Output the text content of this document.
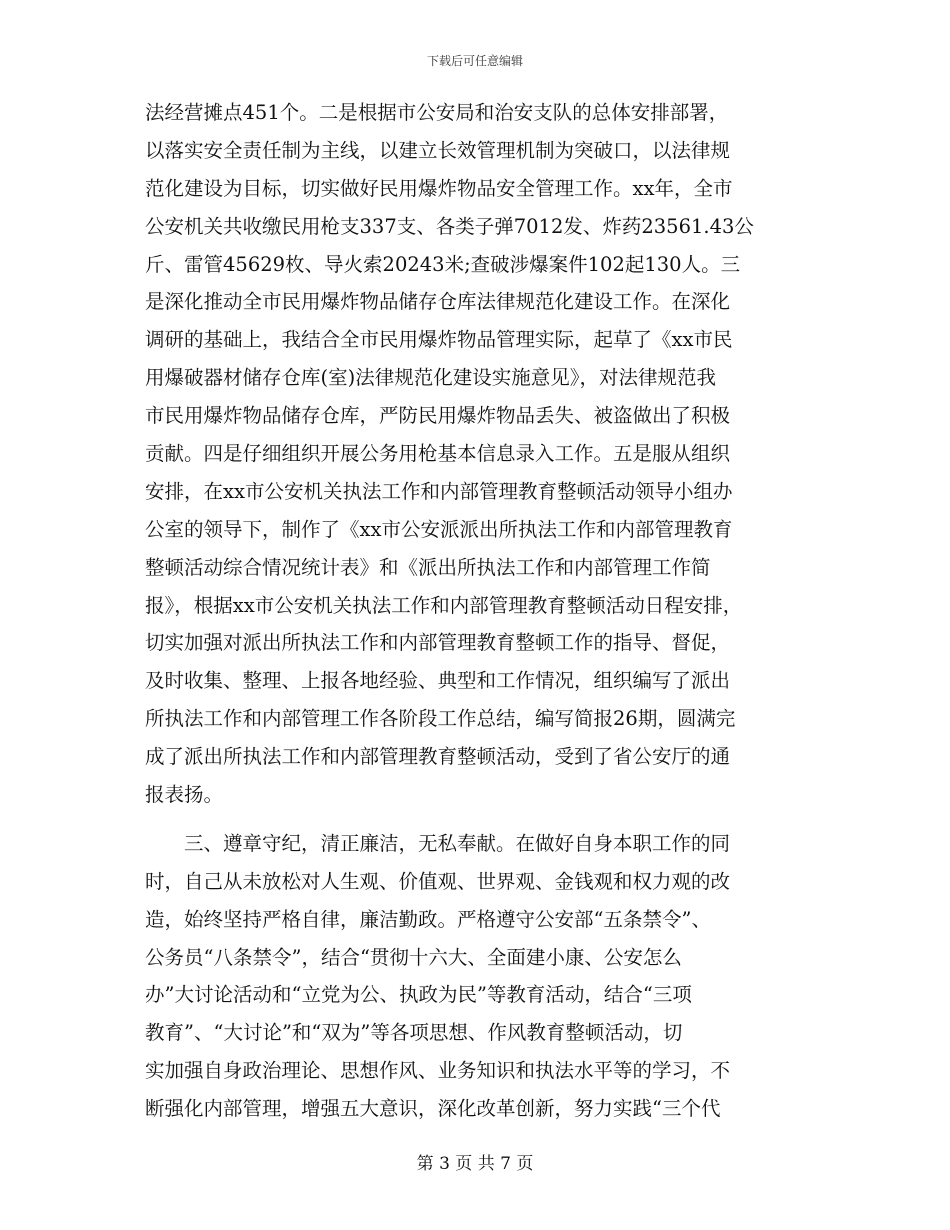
下载后可任意编辑
法经营摊点451个。二是根据市公安局和治安支队的总体安排部署，
以落实安全责任制为主线，以建立长效管理机制为突破口，以法律规
范化建设为目标，切实做好民用爆炸物品安全管理工作。xx年，全市
公安机关共收缴民用枪支337支、各类子弹7012发、炸药23561.43公
斤、雷管45629枚、导火索20243米;查破涉爆案件102起130人。三
是深化推动全市民用爆炸物品储存仓库法律规范化建设工作。在深化
调研的基础上，我结合全市民用爆炸物品管理实际，起草了《xx市民
用爆破器材储存仓库(室)法律规范化建设实施意见》，对法律规范我
市民用爆炸物品储存仓库，严防民用爆炸物品丢失、被盗做出了积极
贡献。四是仔细组织开展公务用枪基本信息录入工作。五是服从组织
安排，在xx市公安机关执法工作和内部管理教育整顿活动领导小组办
公室的领导下，制作了《xx市公安派派出所执法工作和内部管理教育
整顿活动综合情况统计表》和《派出所执法工作和内部管理工作简
报》，根据xx市公安机关执法工作和内部管理教育整顿活动日程安排，
切实加强对派出所执法工作和内部管理教育整顿工作的指导、督促，
及时收集、整理、上报各地经验、典型和工作情况，组织编写了派出
所执法工作和内部管理工作各阶段工作总结，编写简报26期，圆满完
成了派出所执法工作和内部管理教育整顿活动，受到了省公安厅的通
报表扬。
　　三、遵章守纪，清正廉洁，无私奉献。在做好自身本职工作的同
时，自己从未放松对人生观、价值观、世界观、金钱观和权力观的改
造，始终坚持严格自律，廉洁勤政。严格遵守公安部“五条禁令”、
公务员“八条禁令”，结合“贯彻十六大、全面建小康、公安怎么
办”大讨论活动和“立党为公、执政为民”等教育活动，结合“三项
教育”、“大讨论”和“双为”等各项思想、作风教育整顿活动，切
实加强自身政治理论、思想作风、业务知识和执法水平等的学习，不
断强化内部管理，增强五大意识，深化改革创新，努力实践“三个代
第 3 页 共 7 页
